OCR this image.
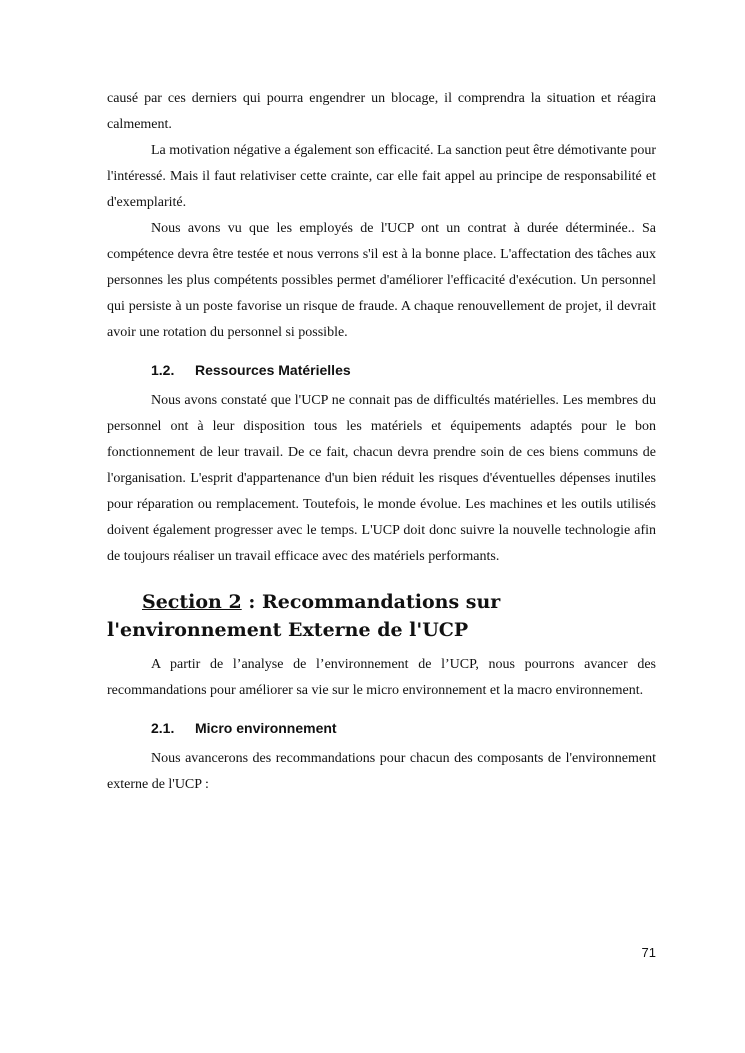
causé par ces derniers qui pourra engendrer un blocage, il comprendra la situation et réagira calmement.

La motivation négative a également son efficacité. La sanction peut être démotivante pour l'intéressé. Mais il faut relativiser cette crainte, car elle fait appel au principe de responsabilité et d'exemplarité.

Nous avons vu que les employés de l'UCP ont un contrat à durée déterminée.. Sa compétence devra être testée et nous verrons s'il est à la bonne place. L'affectation des tâches aux personnes les plus compétents possibles permet d'améliorer l'efficacité d'exécution. Un personnel qui persiste à un poste favorise un risque de fraude. A chaque renouvellement de projet, il devrait avoir une rotation du personnel si possible.

1.2. Ressources Matérielles

Nous avons constaté que l'UCP ne connait pas de difficultés matérielles. Les membres du personnel ont à leur disposition tous les matériels et équipements adaptés pour le bon fonctionnement de leur travail. De ce fait, chacun devra prendre soin de ces biens communs de l'organisation. L'esprit d'appartenance d'un bien réduit les risques d'éventuelles dépenses inutiles pour réparation ou remplacement. Toutefois, le monde évolue. Les machines et les outils utilisés doivent également progresser avec le temps. L'UCP doit donc suivre la nouvelle technologie afin de toujours réaliser un travail efficace avec des matériels performants.

Section 2 : Recommandations sur l'environnement Externe de l'UCP

A partir de l’analyse de l’environnement de l’UCP, nous pourrons avancer des recommandations pour améliorer sa vie sur le micro environnement et la macro environnement.

2.1. Micro environnement

Nous avancerons des recommandations pour chacun des composants de l'environnement externe de l'UCP :

71
